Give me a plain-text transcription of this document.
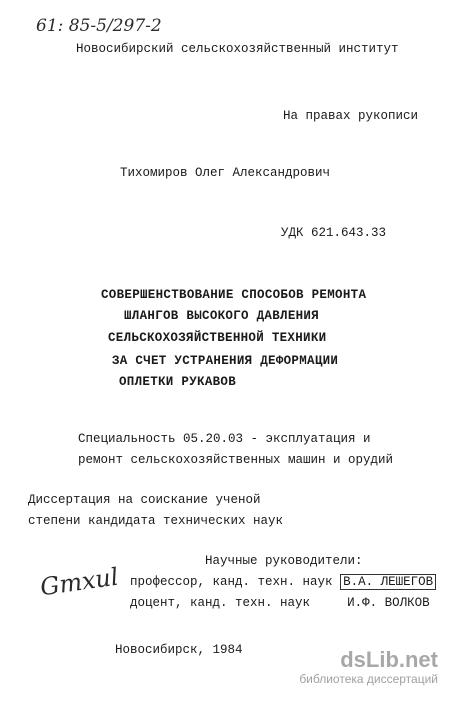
61: 85-5/297-2
Новосибирский сельскохозяйственный институт
На правах рукописи
Тихомиров Олег Александрович
УДК 621.643.33
СОВЕРШЕНСТВОВАНИЕ СПОСОБОВ РЕМОНТА
ШЛАНГОВ ВЫСОКОГО ДАВЛЕНИЯ
СЕЛЬСКОХОЗЯЙСТВЕННОЙ ТЕХНИКИ
ЗА СЧЕТ УСТРАНЕНИЯ ДЕФОРМАЦИИ
ОПЛЕТКИ РУКАВОВ
Специальность 05.20.03 - эксплуатация и
ремонт сельскохозяйственных машин и орудий
Диссертация на соискание ученой
степени кандидата технических наук
Gmxиl
Научные руководители:
профессор, канд. техн. наук В.А. ЛЕШЕГОВ
доцент, канд. техн. наук	И.Ф. ВОЛКОВ
Новосибирск, 1984	dsLib.net
библиотека диссертаций
